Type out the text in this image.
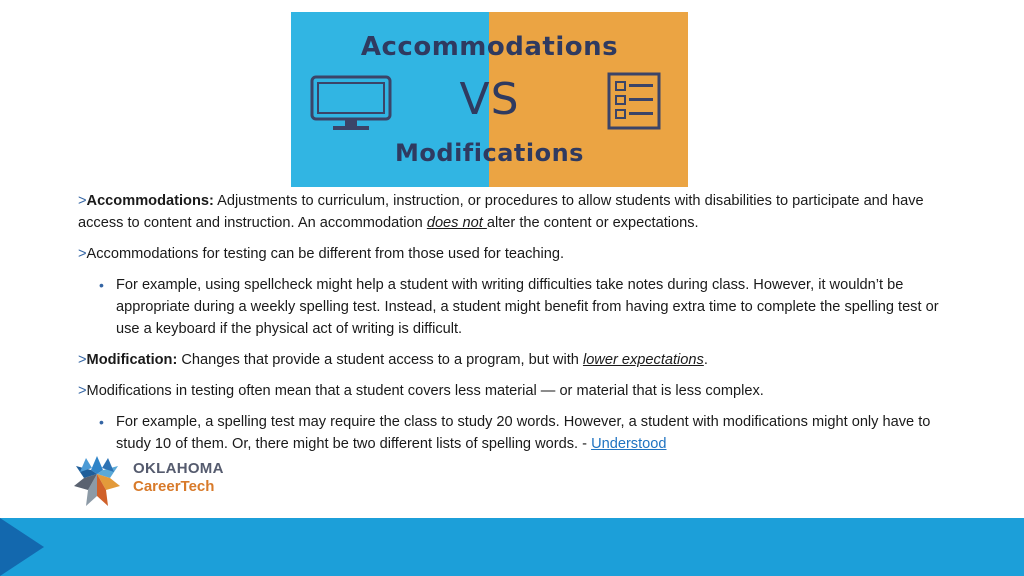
Accommodations
VS
Modifications

>Accommodations: Adjustments to curriculum, instruction, or procedures to allow students with disabilities to participate and have access to content and instruction. An accommodation does not alter the content or expectations.

>Accommodations for testing can be different from those used for teaching.

• For example, using spellcheck might help a student with writing difficulties take notes during class. However, it wouldn’t be appropriate during a weekly spelling test. Instead, a student might benefit from having extra time to complete the spelling test or use a keyboard if the physical act of writing is difficult.

>Modification: Changes that provide a student access to a program, but with lower expectations.

>Modifications in testing often mean that a student covers less material — or material that is less complex.

• For example, a spelling test may require the class to study 20 words. However, a student with modifications might only have to study 10 of them. Or, there might be two different lists of spelling words. - Understood
OKLAHOMA
CareerTech
